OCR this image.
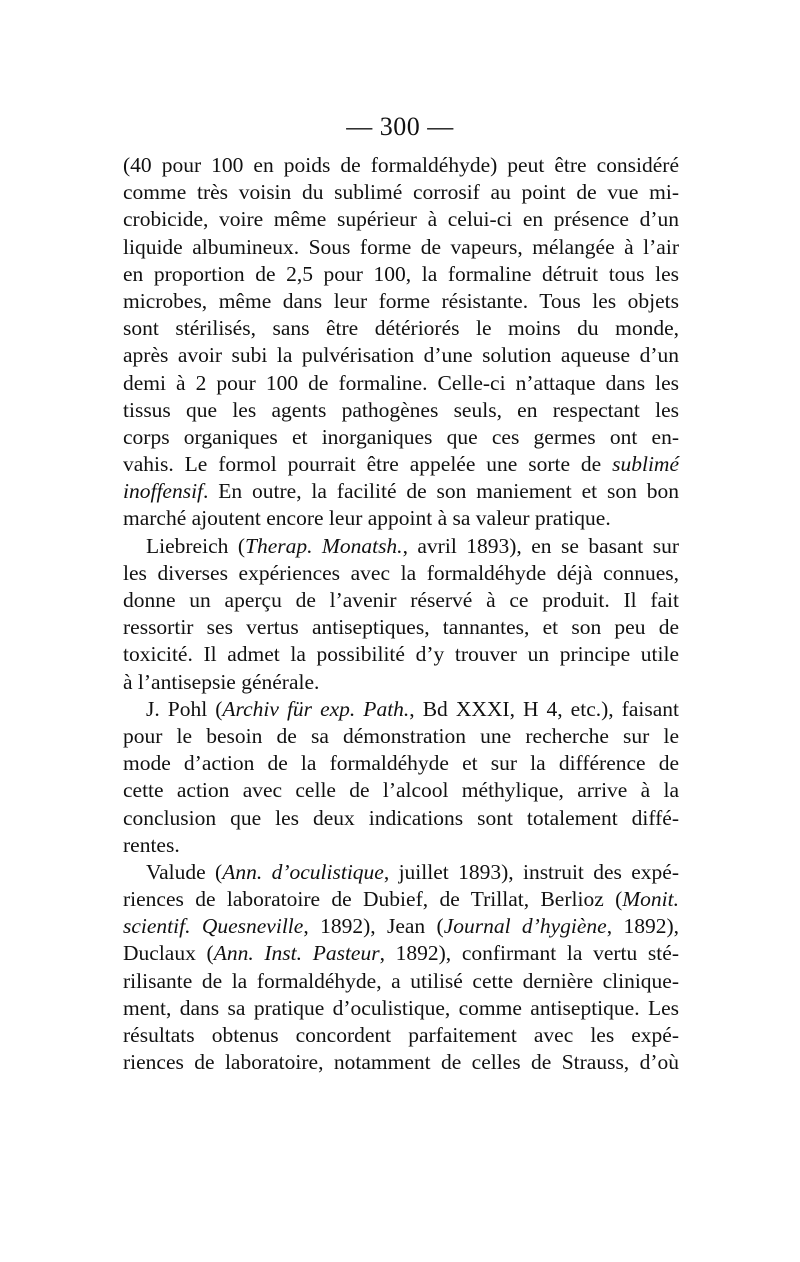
— 300 —
(40 pour 100 en poids de formaldéhyde) peut être considéré
comme très voisin du sublimé corrosif au point de vue mi-
crobicide, voire même supérieur à celui-ci en présence d’un
liquide albumineux. Sous forme de vapeurs, mélangée à l’air
en proportion de 2,5 pour 100, la formaline détruit tous les
microbes, même dans leur forme résistante. Tous les objets
sont stérilisés, sans être détériorés le moins du monde,
après avoir subi la pulvérisation d’une solution aqueuse d’un
demi à 2 pour 100 de formaline. Celle-ci n’attaque dans les
tissus que les agents pathogènes seuls, en respectant les
corps organiques et inorganiques que ces germes ont en-
vahis. Le formol pourrait être appelée une sorte de sublimé
inoffensif. En outre, la facilité de son maniement et son bon
marché ajoutent encore leur appoint à sa valeur pratique.
Liebreich (Therap. Monatsh., avril 1893), en se basant sur
les diverses expériences avec la formaldéhyde déjà connues,
donne un aperçu de l’avenir réservé à ce produit. Il fait
ressortir ses vertus antiseptiques, tannantes, et son peu de
toxicité. Il admet la possibilité d’y trouver un principe utile
à l’antisepsie générale.
J. Pohl (Archiv für exp. Path., Bd XXXI, H 4, etc.), faisant
pour le besoin de sa démonstration une recherche sur le
mode d’action de la formaldéhyde et sur la différence de
cette action avec celle de l’alcool méthylique, arrive à la
conclusion que les deux indications sont totalement diffé-
rentes.
Valude (Ann. d’oculistique, juillet 1893), instruit des expé-
riences de laboratoire de Dubief, de Trillat, Berlioz (Monit.
scientif. Quesneville, 1892), Jean (Journal d’hygiène, 1892),
Duclaux (Ann. Inst. Pasteur, 1892), confirmant la vertu sté-
rilisante de la formaldéhyde, a utilisé cette dernière clinique-
ment, dans sa pratique d’oculistique, comme antiseptique. Les
résultats obtenus concordent parfaitement avec les expé-
riences de laboratoire, notamment de celles de Strauss, d’où
